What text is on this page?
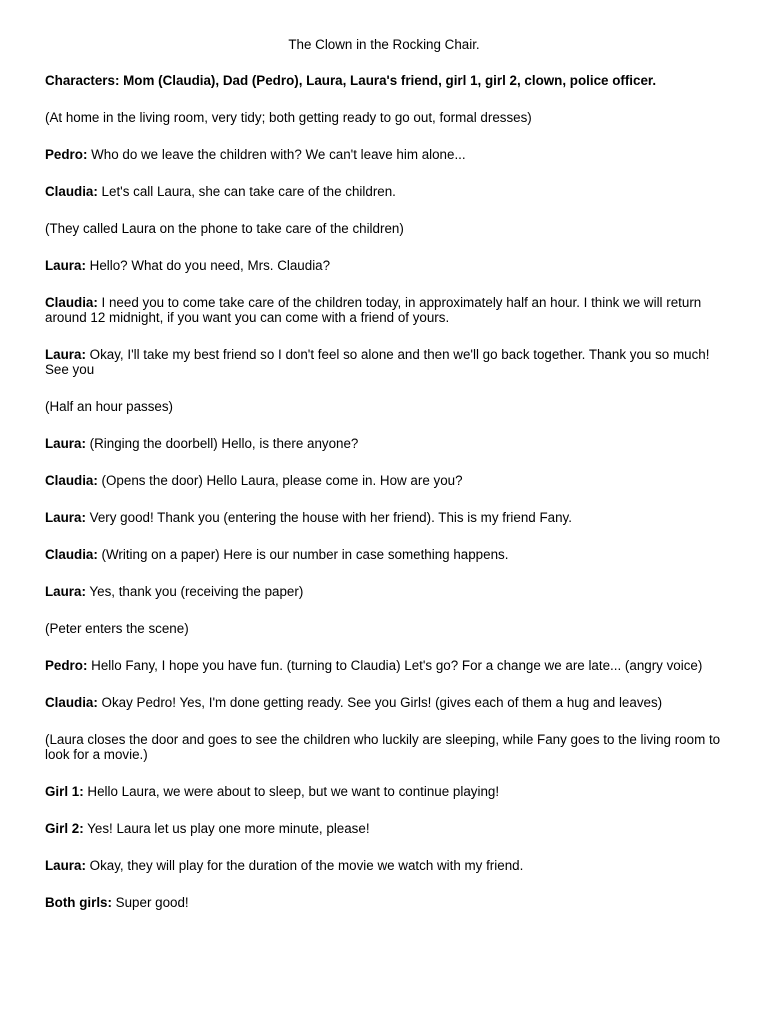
The Clown in the Rocking Chair.

Characters: Mom (Claudia), Dad (Pedro), Laura, Laura's friend, girl 1, girl 2, clown, police officer.

(At home in the living room, very tidy; both getting ready to go out, formal dresses)

Pedro: Who do we leave the children with? We can't leave him alone...

Claudia: Let's call Laura, she can take care of the children.

(They called Laura on the phone to take care of the children)

Laura: Hello? What do you need, Mrs. Claudia?

Claudia: I need you to come take care of the children today, in approximately half an hour. I think we will return around 12 midnight, if you want you can come with a friend of yours.

Laura: Okay, I'll take my best friend so I don't feel so alone and then we'll go back together. Thank you so much! See you

(Half an hour passes)

Laura: (Ringing the doorbell) Hello, is there anyone?

Claudia: (Opens the door) Hello Laura, please come in. How are you?

Laura: Very good! Thank you (entering the house with her friend). This is my friend Fany.

Claudia: (Writing on a paper) Here is our number in case something happens.

Laura: Yes, thank you (receiving the paper)

(Peter enters the scene)

Pedro: Hello Fany, I hope you have fun. (turning to Claudia) Let's go? For a change we are late... (angry voice)

Claudia: Okay Pedro! Yes, I'm done getting ready. See you Girls! (gives each of them a hug and leaves)

(Laura closes the door and goes to see the children who luckily are sleeping, while Fany goes to the living room to look for a movie.)

Girl 1: Hello Laura, we were about to sleep, but we want to continue playing!

Girl 2: Yes! Laura let us play one more minute, please!

Laura: Okay, they will play for the duration of the movie we watch with my friend.

Both girls: Super good!
